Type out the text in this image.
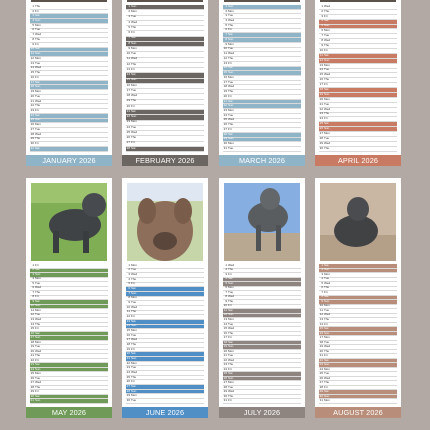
1 Thu
2 Fri
3 Sat
4 Sun
5 Mon
6 Tue
7 Wed
8 Thu
9 Fri
10 Sat
11 Sun
12 Mon
13 Tue
14 Wed
15 Thu
16 Fri
17 Sat
18 Sun
19 Mon
20 Tue
21 Wed
22 Thu
23 Fri
24 Sat
25 Sun
26 Mon
27 Tue
28 Wed
29 Thu
30 Fri
31 Sat
JANUARY 2026
1 Sun
2 Mon
3 Tue
4 Wed
5 Thu
6 Fri
7 Sat
8 Sun
9 Mon
10 Tue
11 Wed
12 Thu
13 Fri
14 Sat
15 Sun
16 Mon
17 Tue
18 Wed
19 Thu
20 Fri
21 Sat
22 Sun
23 Mon
24 Tue
25 Wed
26 Thu
27 Fri
28 Sat
FEBRUARY 2026
1 Sun
2 Mon
3 Tue
4 Wed
5 Thu
6 Fri
7 Sat
8 Sun
9 Mon
10 Tue
11 Wed
12 Thu
13 Fri
14 Sat
15 Sun
16 Mon
17 Tue
18 Wed
19 Thu
20 Fri
21 Sat
22 Sun
23 Mon
24 Tue
25 Wed
26 Thu
27 Fri
28 Sat
29 Sun
30 Mon
31 Tue
MARCH 2026
1 Wed
2 Thu
3 Fri
4 Sat
5 Sun
6 Mon
7 Tue
8 Wed
9 Thu
10 Fri
11 Sat
12 Sun
13 Mon
14 Tue
15 Wed
16 Thu
17 Fri
18 Sat
19 Sun
20 Mon
21 Tue
22 Wed
23 Thu
24 Fri
25 Sat
26 Sun
27 Mon
28 Tue
29 Wed
30 Thu
APRIL 2026
1 Fri
2 Sat
3 Sun
4 Mon
5 Tue
6 Wed
7 Thu
8 Fri
9 Sat
10 Sun
11 Mon
12 Tue
13 Wed
14 Thu
15 Fri
16 Sat
17 Sun
18 Mon
19 Tue
20 Wed
21 Thu
22 Fri
23 Sat
24 Sun
25 Mon
26 Tue
27 Wed
28 Thu
29 Fri
30 Sat
31 Sun
MAY 2026
1 Mon
2 Tue
3 Wed
4 Thu
5 Fri
6 Sat
7 Sun
8 Mon
9 Tue
10 Wed
11 Thu
12 Fri
13 Sat
14 Sun
15 Mon
16 Tue
17 Wed
18 Thu
19 Fri
20 Sat
21 Sun
22 Mon
23 Tue
24 Wed
25 Thu
26 Fri
27 Sat
28 Sun
29 Mon
30 Tue
JUNE 2026
1 Wed
2 Thu
3 Fri
4 Sat
5 Sun
6 Mon
7 Tue
8 Wed
9 Thu
10 Fri
11 Sat
12 Sun
13 Mon
14 Tue
15 Wed
16 Thu
17 Fri
18 Sat
19 Sun
20 Mon
21 Tue
22 Wed
23 Thu
24 Fri
25 Sat
26 Sun
27 Mon
28 Tue
29 Wed
30 Thu
31 Fri
JULY 2026
1 Sat
2 Sun
3 Mon
4 Tue
5 Wed
6 Thu
7 Fri
8 Sat
9 Sun
10 Mon
11 Tue
12 Wed
13 Thu
14 Fri
15 Sat
16 Sun
17 Mon
18 Tue
19 Wed
20 Thu
21 Fri
22 Sat
23 Sun
24 Mon
25 Tue
26 Wed
27 Thu
28 Fri
29 Sat
30 Sun
31 Mon
AUGUST 2026
